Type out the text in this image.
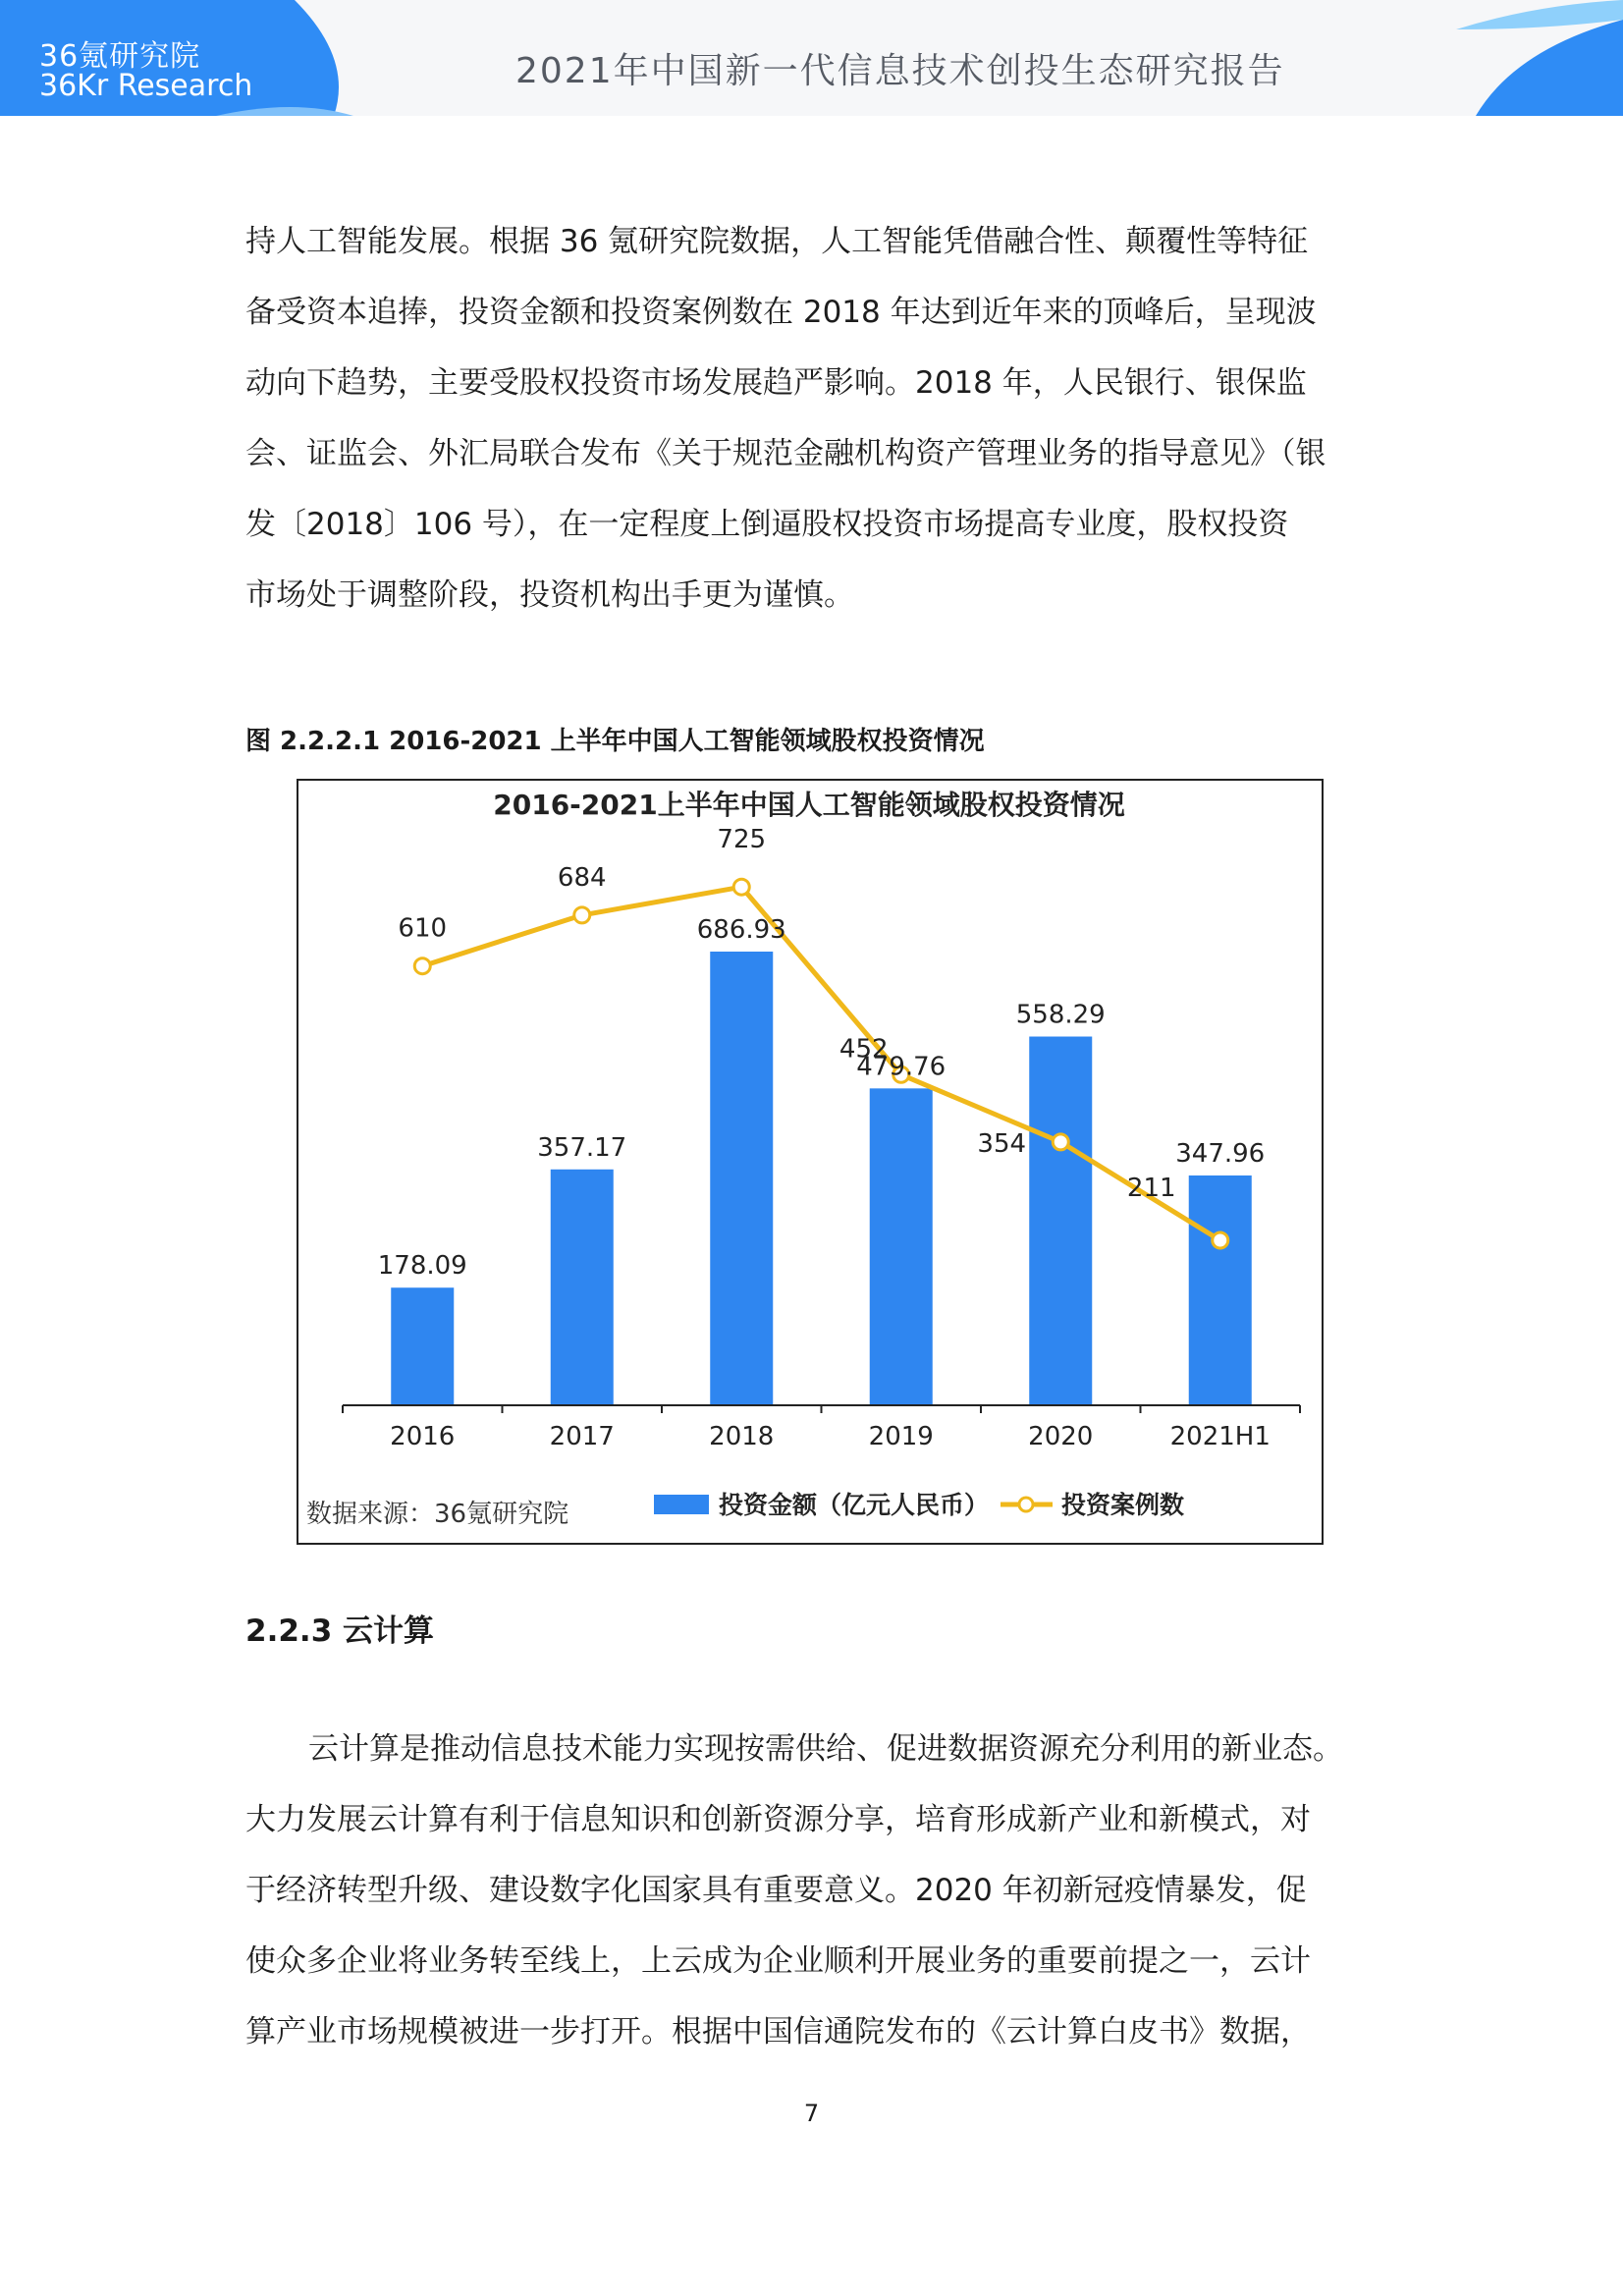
36氪研究院
36Kr Research	2021年中国新一代信息技术创投生态研究报告

持人工智能发展。根据 36 氪研究院数据，人工智能凭借融合性、颠覆性等特征

备受资本追捧，投资金额和投资案例数在 2018 年达到近年来的顶峰后，呈现波

动向下趋势，主要受股权投资市场发展趋严影响。2018 年，人民银行、银保监

会、证监会、外汇局联合发布《关于规范金融机构资产管理业务的指导意见》（银

发〔2018〕106 号），在一定程度上倒逼股权投资市场提高专业度，股权投资

市场处于调整阶段，投资机构出手更为谨慎。

图 2.2.2.1 2016-2021 上半年中国人工智能领域股权投资情况
2016-2021上半年中国人工智能领域股权投资情况
178.09
357.17
686.93
479.76
558.29
347.96
610
684
725
452
354
211
2016	2017	2018	2019	2020	2021H1
数据来源：36氪研究院	投资金额（亿元人民币）	投资案例数
2.2.3 云计算

云计算是推动信息技术能力实现按需供给、促进数据资源充分利用的新业态。

大力发展云计算有利于信息知识和创新资源分享，培育形成新产业和新模式，对

于经济转型升级、建设数字化国家具有重要意义。2020 年初新冠疫情暴发，促

使众多企业将业务转至线上，上云成为企业顺利开展业务的重要前提之一，云计

算产业市场规模被进一步打开。根据中国信通院发布的《云计算白皮书》数据，

7
